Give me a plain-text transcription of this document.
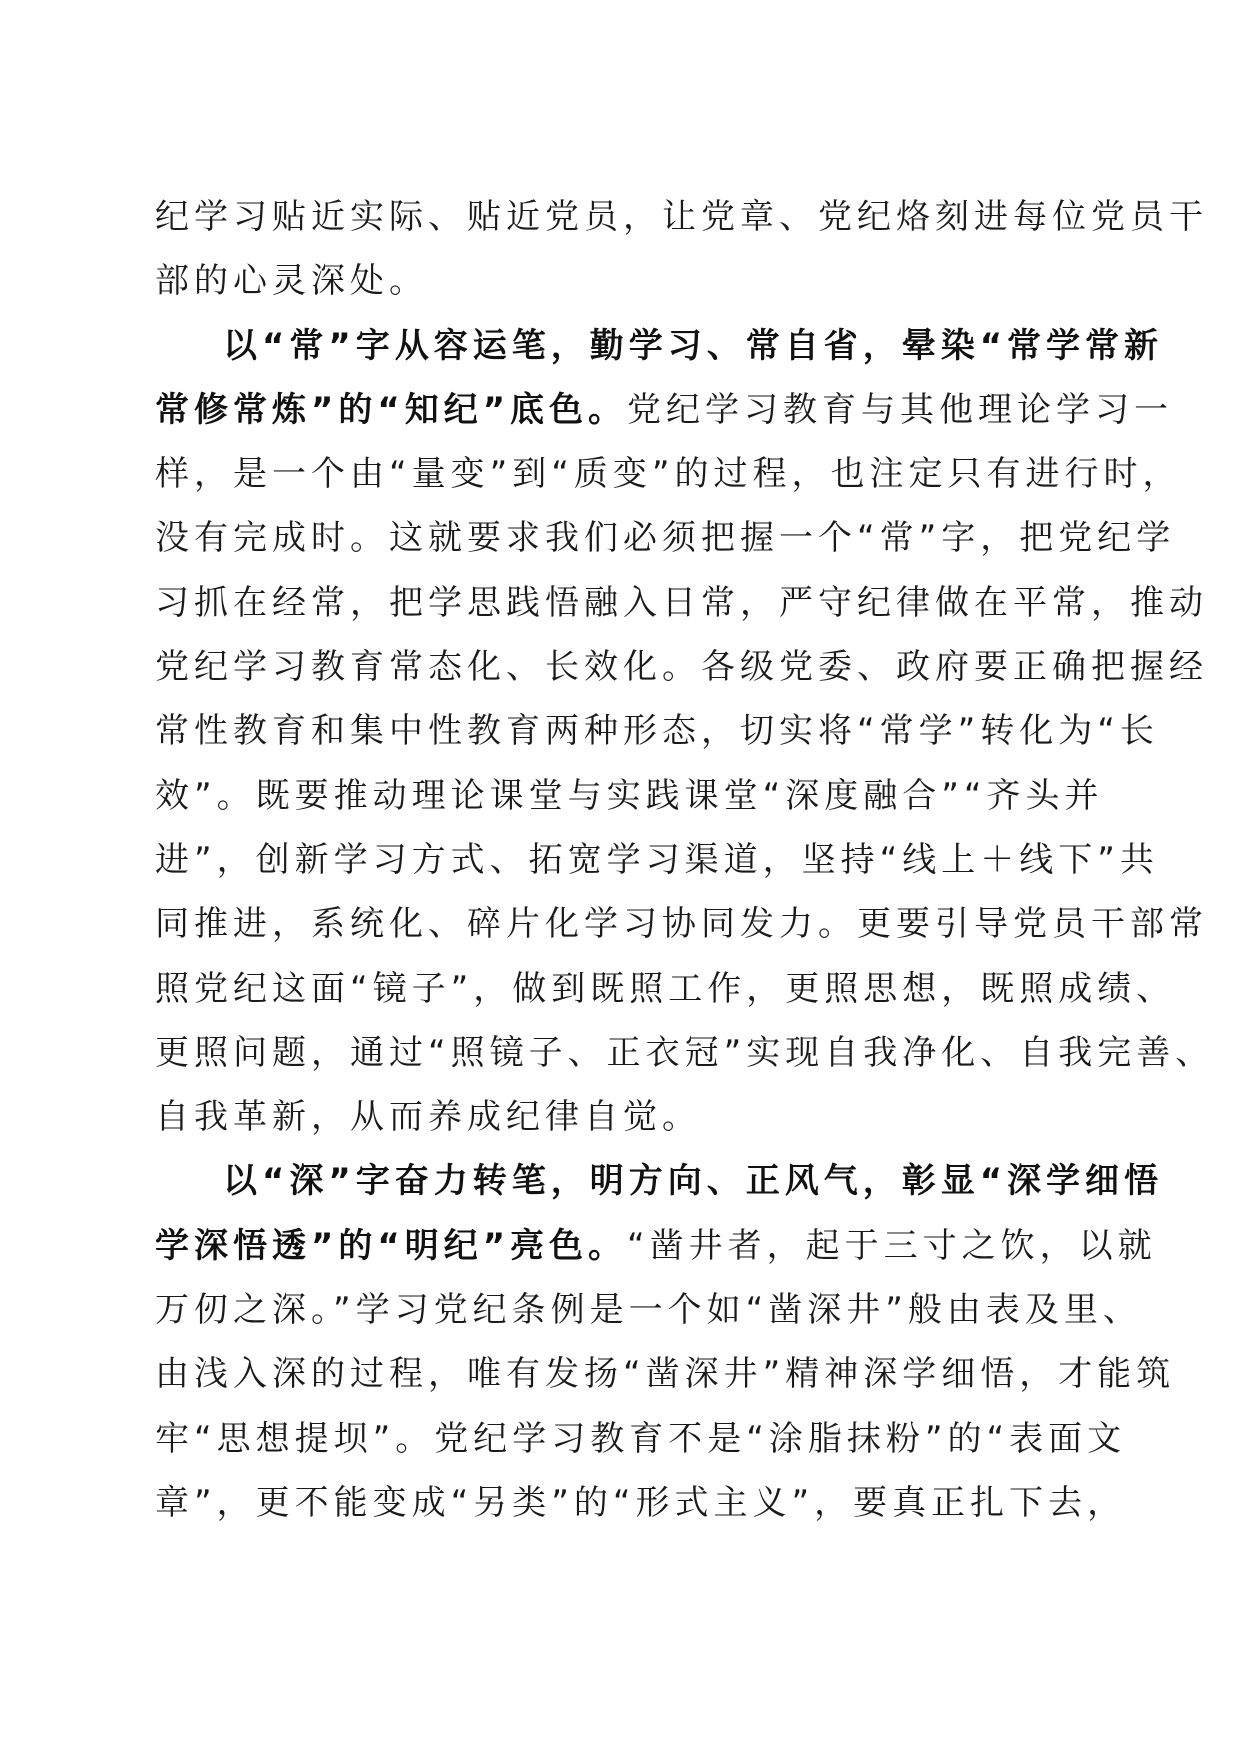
纪学习贴近实际、贴近党员，让党章、党纪烙刻进每位党员干
部的心灵深处。
以“常”字从容运笔，勤学习、常自省，晕染“常学常新
常修常炼”的“知纪”底色。党纪学习教育与其他理论学习一
样，是一个由“量变”到“质变”的过程，也注定只有进行时，
没有完成时。这就要求我们必须把握一个“常”字，把党纪学
习抓在经常，把学思践悟融入日常，严守纪律做在平常，推动
党纪学习教育常态化、长效化。各级党委、政府要正确把握经
常性教育和集中性教育两种形态，切实将“常学”转化为“长
效”。既要推动理论课堂与实践课堂“深度融合”“齐头并
进”，创新学习方式、拓宽学习渠道，坚持“线上＋线下”共
同推进，系统化、碎片化学习协同发力。更要引导党员干部常
照党纪这面“镜子”，做到既照工作，更照思想，既照成绩、
更照问题，通过“照镜子、正衣冠”实现自我净化、自我完善、
自我革新，从而养成纪律自觉。
以“深”字奋力转笔，明方向、正风气，彰显“深学细悟
学深悟透”的“明纪”亮色。“凿井者，起于三寸之饮，以就
万仞之深。”学习党纪条例是一个如“凿深井”般由表及里、
由浅入深的过程，唯有发扬“凿深井”精神深学细悟，才能筑
牢“思想提坝”。党纪学习教育不是“涂脂抹粉”的“表面文
章”，更不能变成“另类”的“形式主义”，要真正扎下去，
